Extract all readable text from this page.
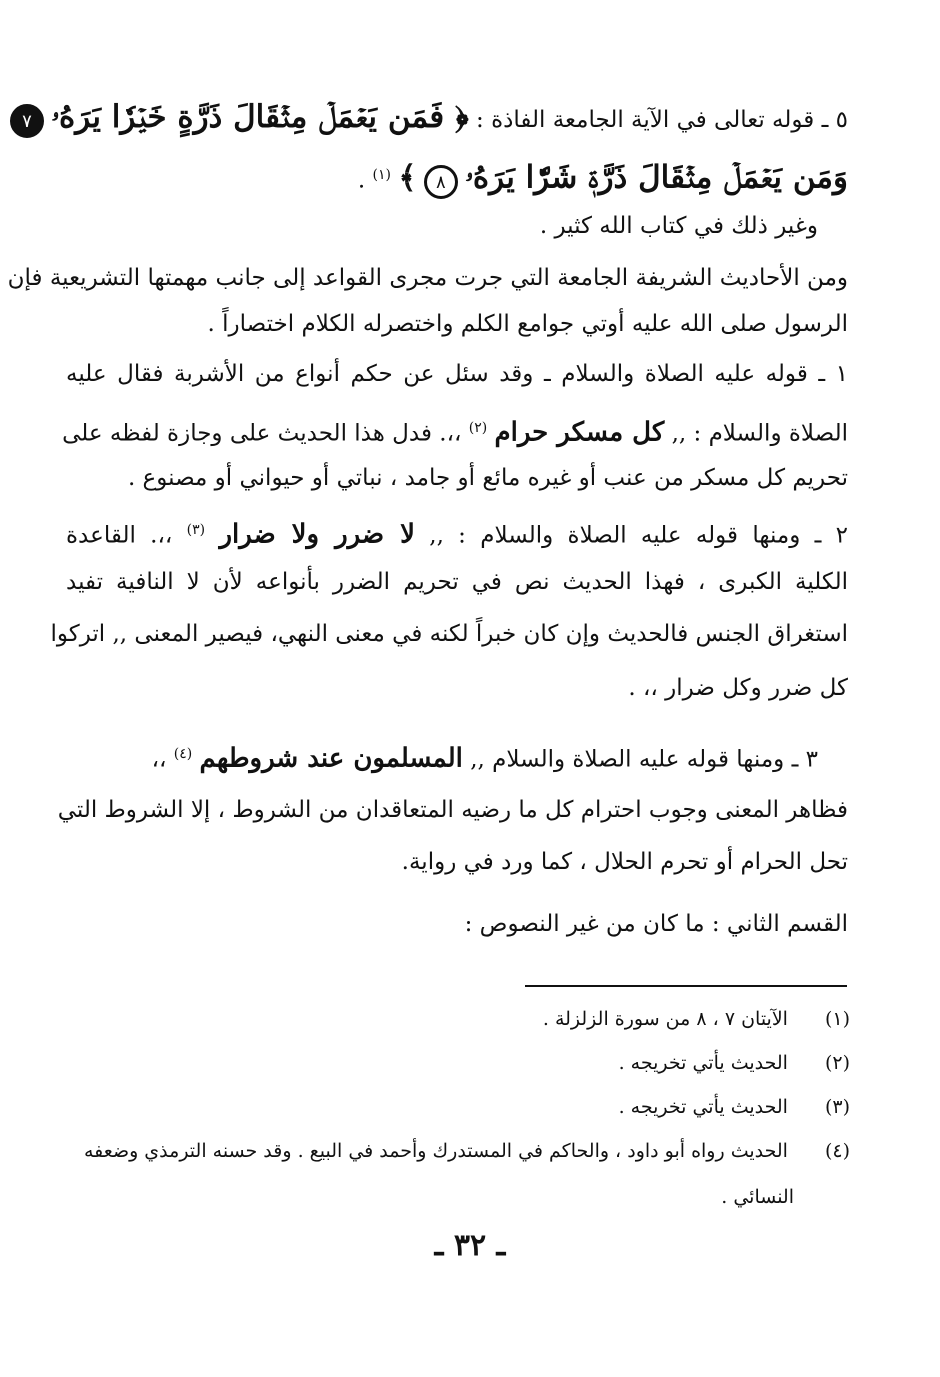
٥ ـ قوله تعالى في الآية الجامعة الفاذة : ﴿ فَمَن يَعۡمَلۡ مِثۡقَالَ ذَرَّةٍ خَيۡرٗا يَرَهُۥ ٧
وَمَن يَعۡمَلۡ مِثۡقَالَ ذَرَّةٖ شَرّٗا يَرَهُۥ ٨ ﴾ $^{(١)}$ .
وغير ذلك في كتاب الله كثير .
ومن الأحاديث الشريفة الجامعة التي جرت مجرى القواعد إلى جانب مهمتها التشريعية فإن
الرسول صلى الله عليه أوتي جوامع الكلم واختصرله الكلام اختصاراً .
١ ـ قوله عليه الصلاة والسلام ـ وقد سئل عن حكم أنواع من الأشربة فقال عليه
الصلاة والسلام : ,, كل مسكر حرام $^{(٢)}$ ،،. فدل هذا الحديث على وجازة لفظه على
تحريم كل مسكر من عنب أو غيره مائع أو جامد ، نباتي أو حيواني أو مصنوع .
٢ ـ ومنها قوله عليه الصلاة والسلام : ,, لا ضرر ولا ضرار $^{(٣)}$ ،،. القاعدة
الكلية الكبرى ، فهذا الحديث نص في تحريم الضرر بأنواعه لأن لا النافية تفيد
استغراق الجنس فالحديث وإن كان خبراً لكنه في معنى النهي، فيصير المعنى ,, اتركوا
كل ضرر وكل ضرار ،، .
٣ ـ ومنها قوله عليه الصلاة والسلام ,, المسلمون عند شروطهم $^{(٤)}$ ،،
فظاهر المعنى وجوب احترام كل ما رضيه المتعاقدان من الشروط ، إلا الشروط التي
تحل الحرام أو تحرم الحلال ، كما ورد في رواية.
القسم الثاني : ما كان من غير النصوص :
(١) الآيتان ٧ ، ٨ من سورة الزلزلة .
(٢) الحديث يأتي تخريجه .
(٣) الحديث يأتي تخريجه .
(٤) الحديث رواه أبو داود ، والحاكم في المستدرك وأحمد في البيع . وقد حسنه الترمذي وضعفه
النسائي .
ـ ٣٢ ـ
